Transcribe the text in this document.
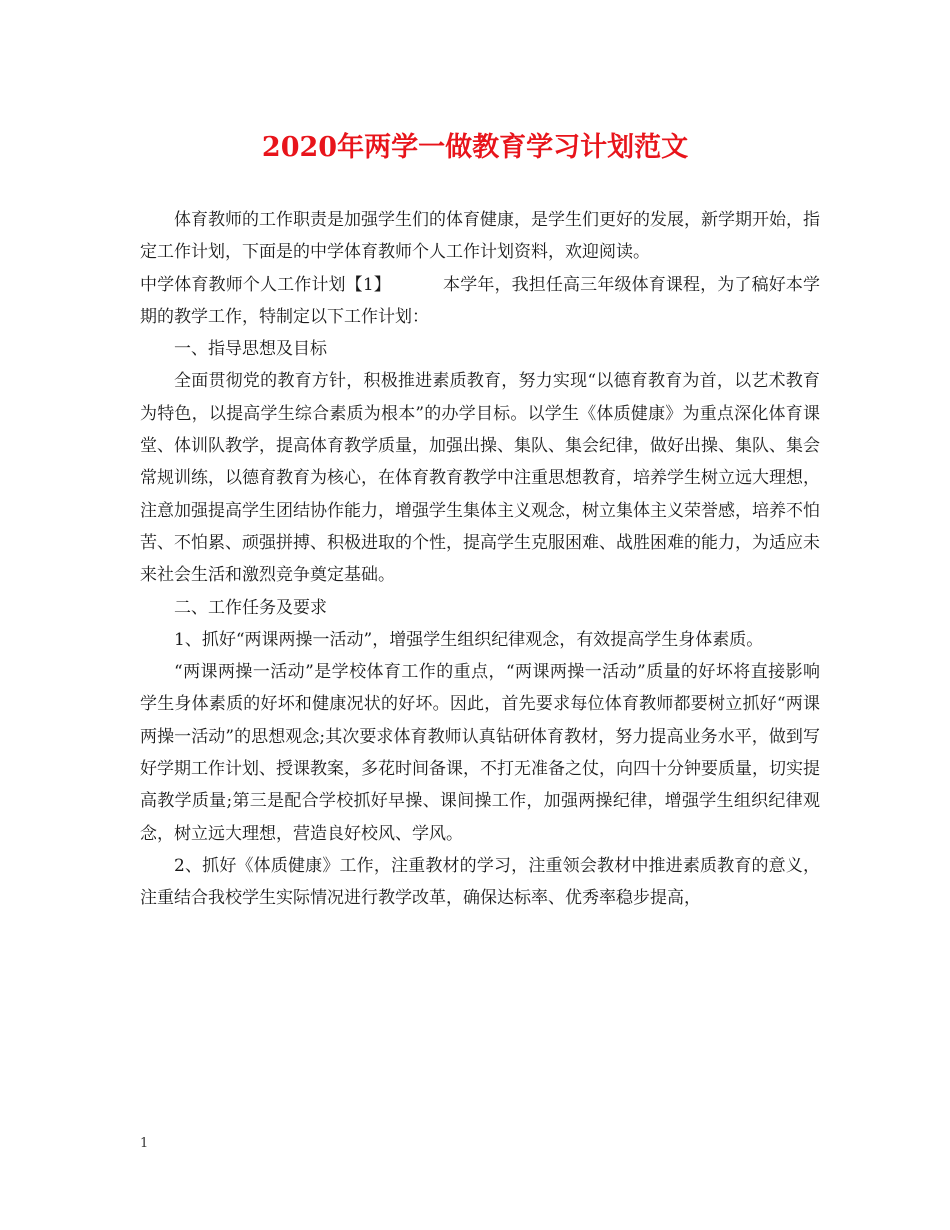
2020年两学一做教育学习计划范文

体育教师的工作职责是加强学生们的体育健康，是学生们更好的发展，新学期开始，指定工作计划，下面是的中学体育教师个人工作计划资料，欢迎阅读。

中学体育教师个人工作计划【1】	本学年，我担任高三年级体育课程，为了稿好本学期的教学工作，特制定以下工作计划：

一、指导思想及目标

全面贯彻党的教育方针，积极推进素质教育，努力实现“以德育教育为首，以艺术教育为特色，以提高学生综合素质为根本”的办学目标。以学生《体质健康》为重点深化体育课堂、体训队教学，提高体育教学质量，加强出操、集队、集会纪律，做好出操、集队、集会常规训练，以德育教育为核心，在体育教育教学中注重思想教育，培养学生树立远大理想，注意加强提高学生团结协作能力，增强学生集体主义观念，树立集体主义荣誉感，培养不怕苦、不怕累、顽强拼搏、积极进取的个性，提高学生克服困难、战胜困难的能力，为适应未来社会生活和激烈竞争奠定基础。

二、工作任务及要求

1、抓好“两课两操一活动”，增强学生组织纪律观念，有效提高学生身体素质。

“两课两操一活动”是学校体育工作的重点，“两课两操一活动”质量的好坏将直接影响学生身体素质的好坏和健康况状的好坏。因此，首先要求每位体育教师都要树立抓好“两课两操一活动”的思想观念;其次要求体育教师认真钻研体育教材，努力提高业务水平，做到写好学期工作计划、授课教案，多花时间备课，不打无准备之仗，向四十分钟要质量，切实提高教学质量;第三是配合学校抓好早操、课间操工作，加强两操纪律，增强学生组织纪律观念，树立远大理想，营造良好校风、学风。

2、抓好《体质健康》工作，注重教材的学习，注重领会教材中推进素质教育的意义，注重结合我校学生实际情况进行教学改革，确保达标率、优秀率稳步提高，

1
